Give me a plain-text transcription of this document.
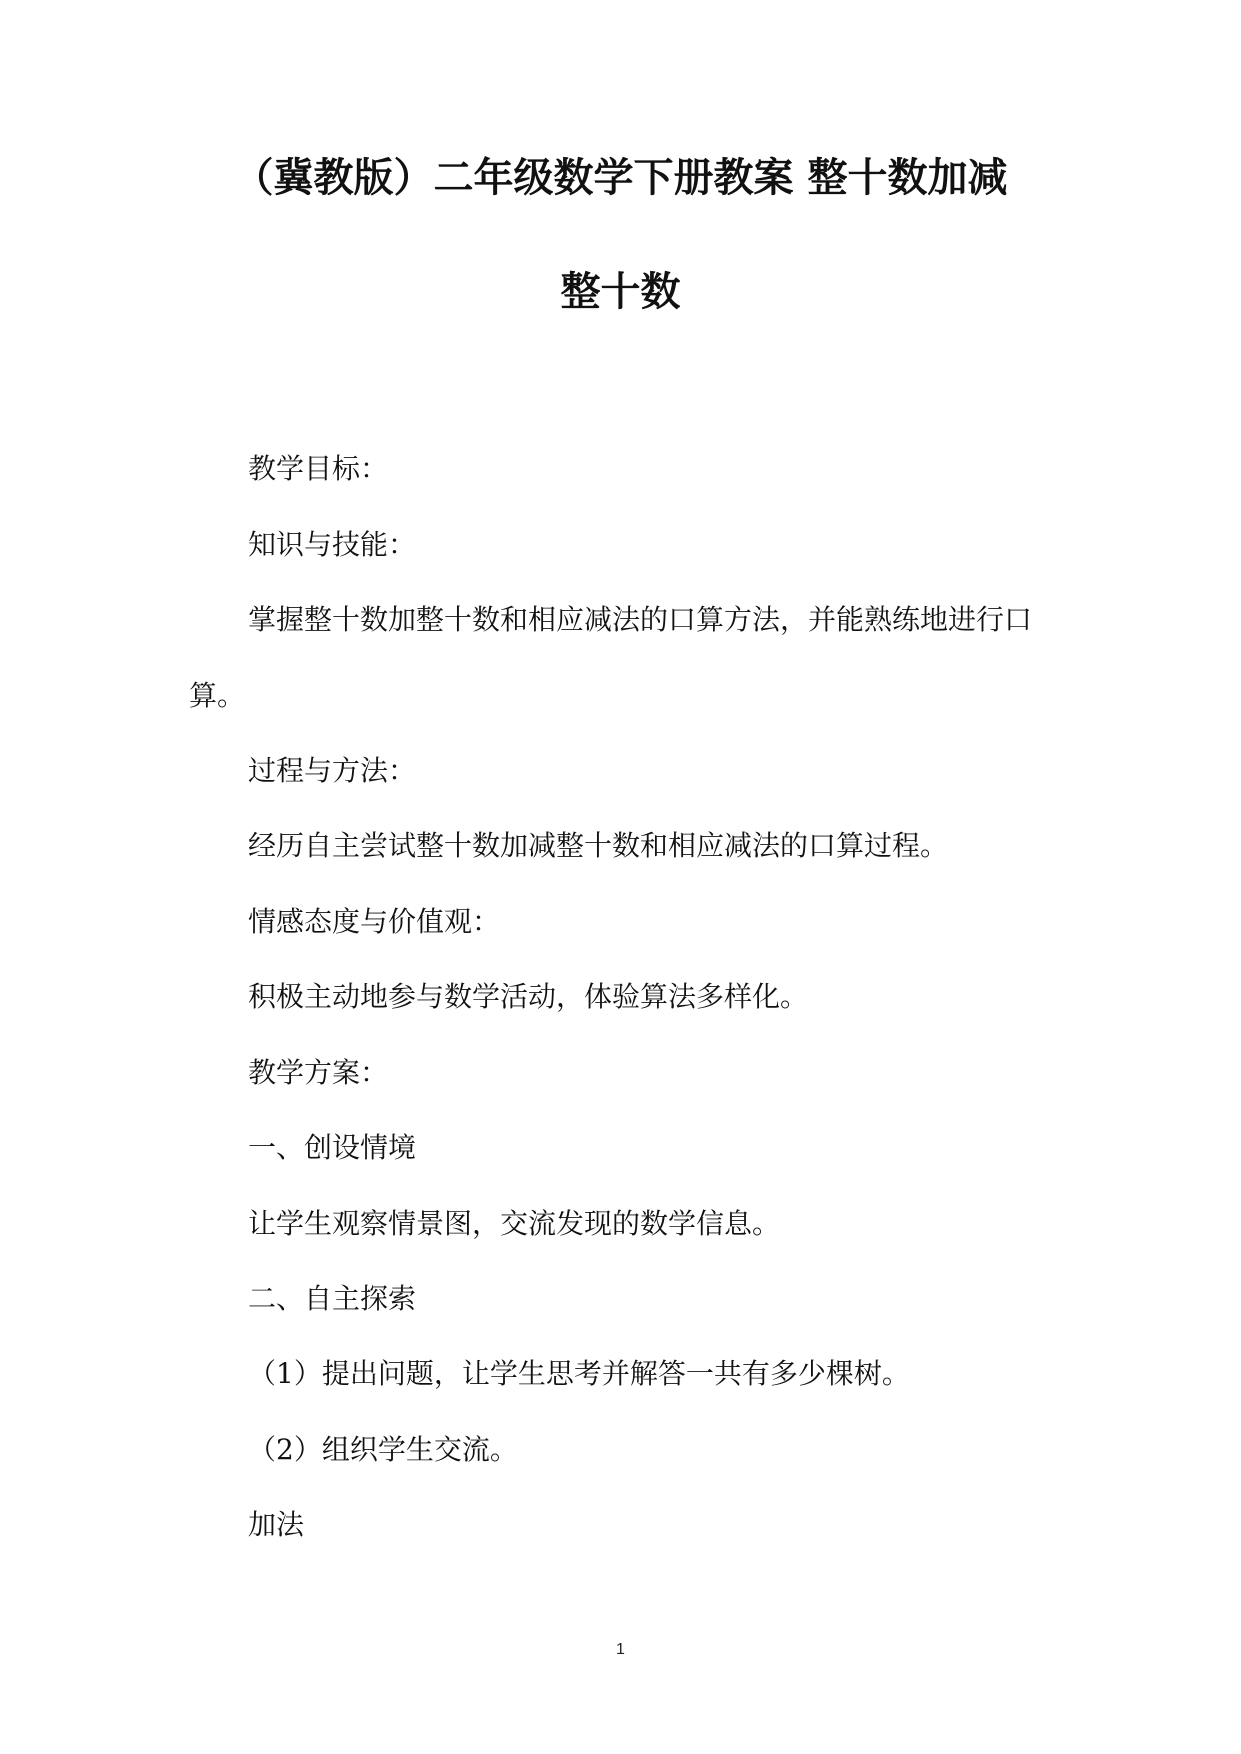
（冀教版）二年级数学下册教案 整十数加减
整十数

教学目标：

知识与技能：

掌握整十数加整十数和相应减法的口算方法，并能熟练地进行口

算。

过程与方法：

经历自主尝试整十数加减整十数和相应减法的口算过程。

情感态度与价值观：

积极主动地参与数学活动，体验算法多样化。

教学方案：

一、创设情境

让学生观察情景图，交流发现的数学信息。

二、自主探索

（1）提出问题，让学生思考并解答一共有多少棵树。

（2）组织学生交流。

加法

1
